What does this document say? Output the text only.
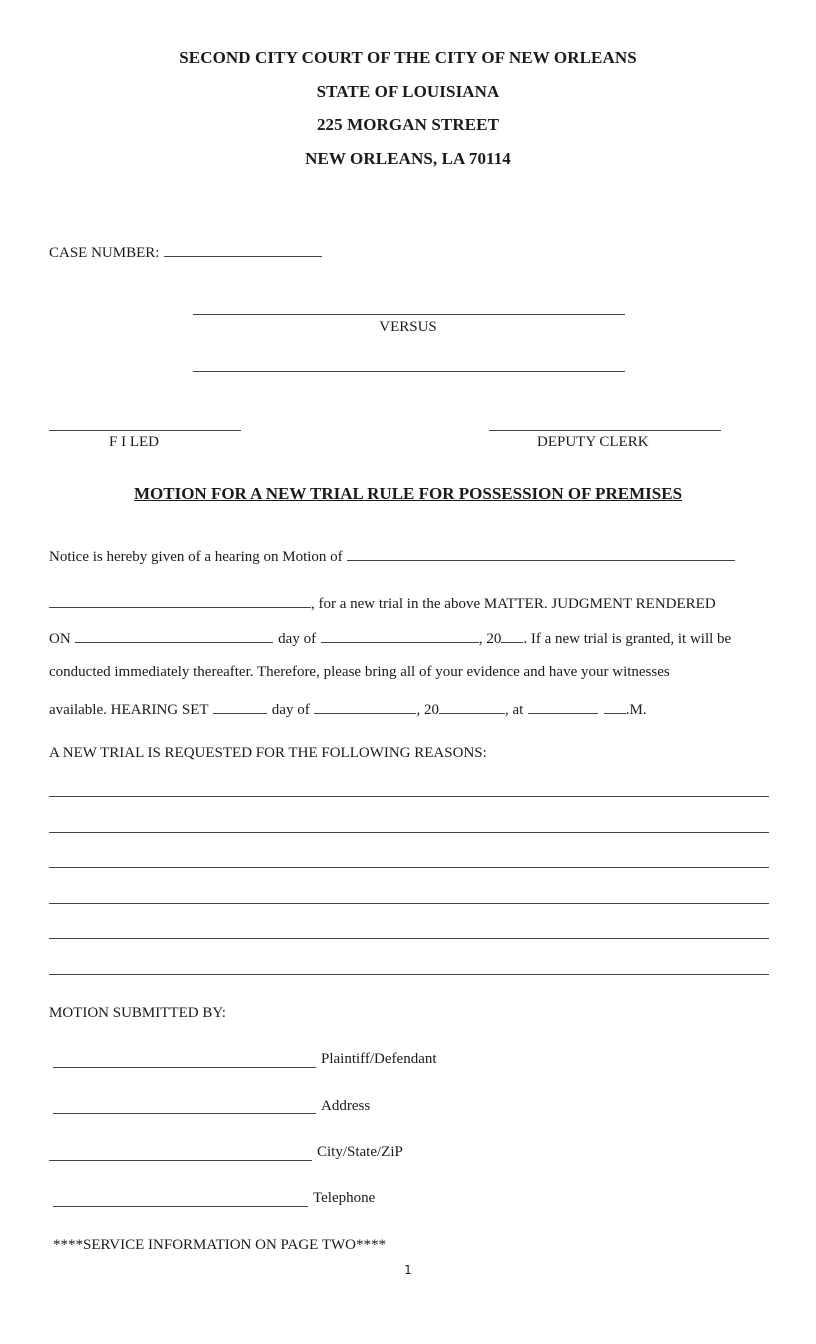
SECOND CITY COURT OF THE CITY OF NEW ORLEANS
STATE OF LOUISIANA
225 MORGAN STREET
NEW ORLEANS, LA 70114
CASE NUMBER:
VERSUS
F I LED	DEPUTY CLERK
MOTION FOR A NEW TRIAL RULE FOR POSSESSION OF PREMISES
Notice is hereby given of a hearing on Motion of
, for a new trial in the above MATTER. JUDGMENT RENDERED
ON	day of	, 20 . If a new trial is granted, it will be
conducted immediately thereafter. Therefore, please bring all of your evidence and have your witnesses
available. HEARING SET	day of	, 20	, at	.M.
A NEW TRIAL IS REQUESTED FOR THE FOLLOWING REASONS:
MOTION SUBMITTED BY:
Plaintiff/Defendant
Address
City/State/ZiP
Telephone
****SERVICE INFORMATION ON PAGE TWO****
1
